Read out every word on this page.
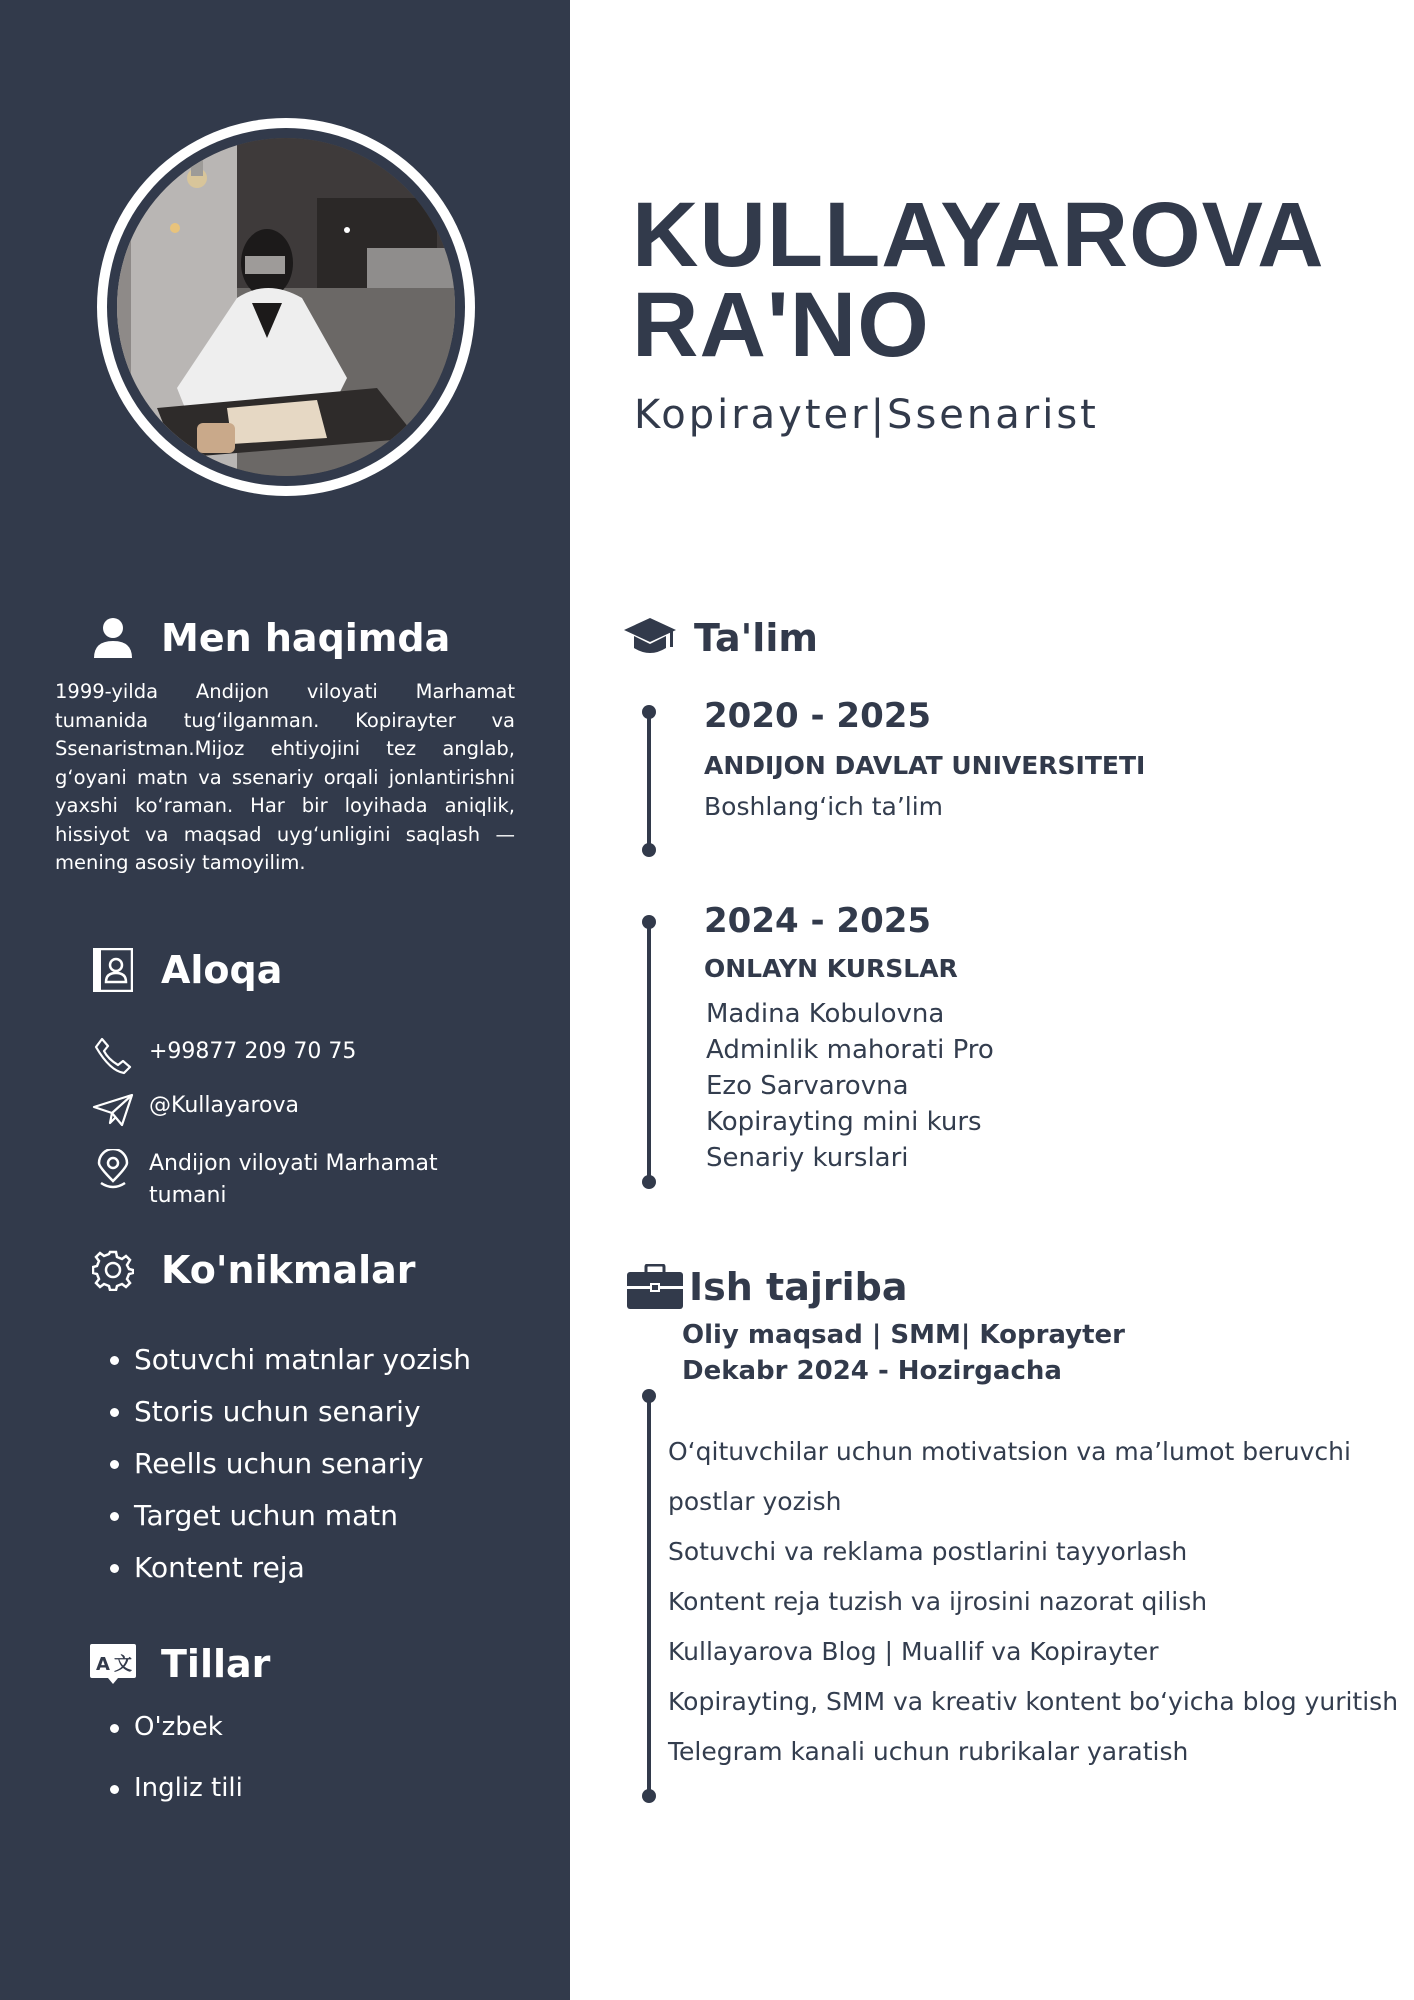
Men haqimda
1999-yilda Andijon viloyati Marhamat tumanida tug‘ilganman. Kopirayter va Ssenaristman.Mijoz ehtiyojini tez anglab, g‘oyani matn va ssenariy orqali jonlantirishni yaxshi ko‘raman. Har bir loyihada aniqlik, hissiyot va maqsad uyg‘unligini saqlash — mening asosiy tamoyilim.
Aloqa
+99877 209 70 75
@Kullayarova
Andijon viloyati Marhamat tumani
Ko'nikmalar
Sotuvchi matnlar yozish
Storis uchun senariy
Reells uchun senariy
Target uchun matn
Kontent reja
A 文 Tillar
O'zbek
Ingliz tili
KULLAYAROVA
RA'NO
Kopirayter|Ssenarist
Ta'lim
2020 - 2025
ANDIJON DAVLAT UNIVERSITETI
Boshlang‘ich ta’lim
2024 - 2025
ONLAYN KURSLAR
Madina Kobulovna
Adminlik mahorati Pro
Ezo Sarvarovna
Kopirayting mini kurs
Senariy kurslari
Ish tajriba
Oliy maqsad | SMM| Koprayter
Dekabr 2024 - Hozirgacha
O‘qituvchilar uchun motivatsion va ma’lumot beruvchi postlar yozish
Sotuvchi va reklama postlarini tayyorlash
Kontent reja tuzish va ijrosini nazorat qilish
Kullayarova Blog | Muallif va Kopirayter
Kopirayting, SMM va kreativ kontent bo‘yicha blog yuritish
Telegram kanali uchun rubrikalar yaratish
